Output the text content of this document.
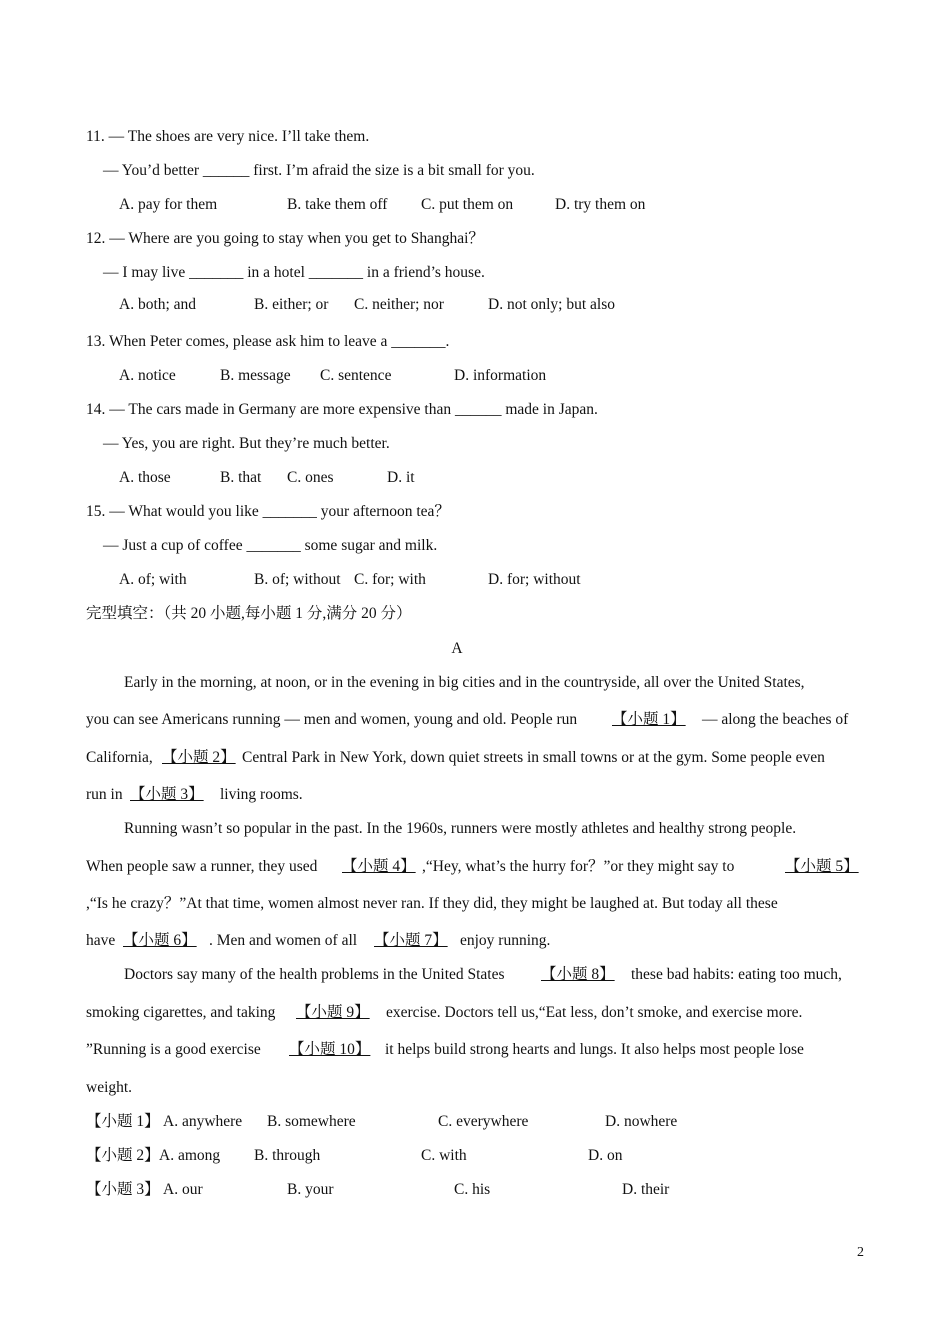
11. — The shoes are very nice. I’ll take them.
— You’d better ______ first. I’m afraid the size is a bit small for you.
A. pay for them	B. take them off C. put them on	D. try them on
12. — Where are you going to stay when you get to Shanghai？
— I may live _______ in a hotel _______ in a friend’s house.
A. both; and	B. either; or C. neither; nor	D. not only; but also
13. When Peter comes, please ask him to leave a _______.
A. notice	B. message C. sentence	D. information
14. — The cars made in Germany are more expensive than ______ made in Japan.
— Yes, you are right. But they’re much better.
A. those	B. that C. ones	D. it
15. — What would you like _______ your afternoon tea？
— Just a cup of coffee _______ some sugar and milk.
A. of; with	B. of; without C. for; with	D. for; without
完型填空：（共 20 小题,每小题 1 分,满分 20 分）
A
Early in the morning, at noon, or in the evening in big cities and in the countryside, all over the United States,
you can see Americans running — men and women, young and old. People run 【小题 1】 — along the beaches of
California, 【小题 2】 Central Park in New York, down quiet streets in small towns or at the gym. Some people even
run in 【小题 3】 living rooms.
Running wasn’t so popular in the past. In the 1960s, runners were mostly athletes and healthy strong people.
When people saw a runner, they used 【小题 4】 ,“Hey, what’s the hurry for？”or they might say to	【小题 5】
,“Is he crazy？”At that time, women almost never ran. If they did, they might be laughed at. But today all these
have 【小题 6】 . Men and women of all 【小题 7】 enjoy running.
Doctors say many of the health problems in the United States 【小题 8】 these bad habits: eating too much,
smoking cigarettes, and taking 【小题 9】 exercise. Doctors tell us,“Eat less, don’t smoke, and exercise more.
”Running is a good exercise 【小题 10】 it helps build strong hearts and lungs. It also helps most people lose
weight.
【小题 1】 A. anywhere B. somewhere	C. everywhere	D. nowhere
【小题 2】 A. among B. through	C. with	D. on
【小题 3】 A. our	B. your	C. his	D. their
2
